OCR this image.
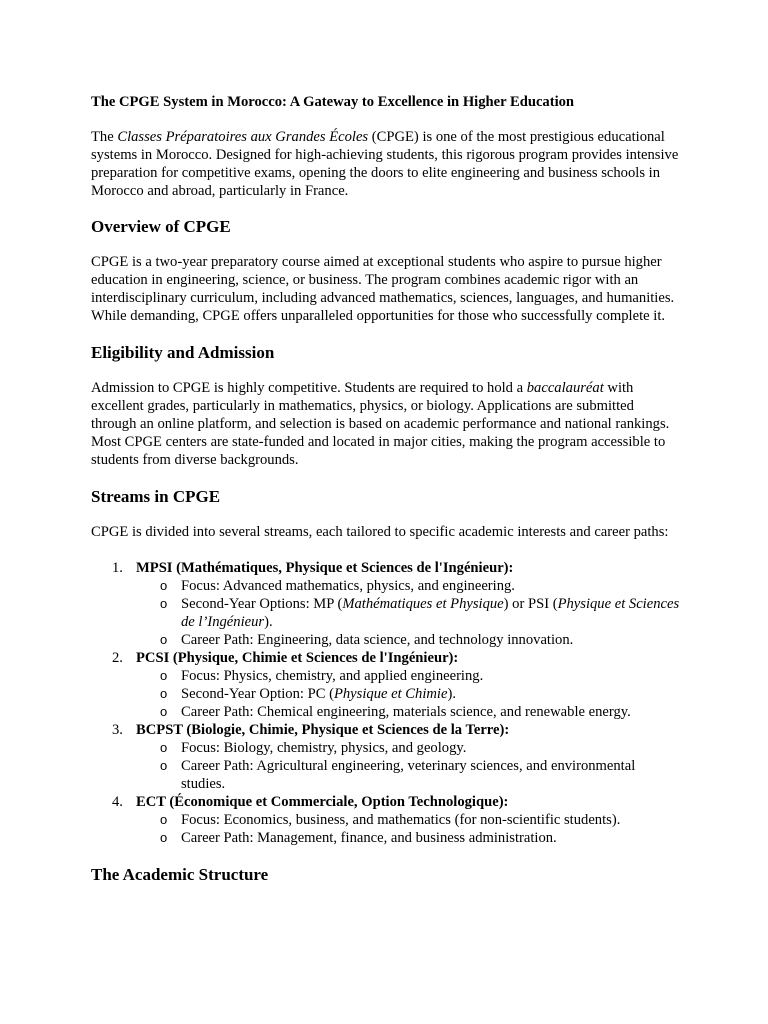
The CPGE System in Morocco: A Gateway to Excellence in Higher Education

The Classes Préparatoires aux Grandes Écoles (CPGE) is one of the most prestigious educational systems in Morocco. Designed for high-achieving students, this rigorous program provides intensive preparation for competitive exams, opening the doors to elite engineering and business schools in Morocco and abroad, particularly in France.

Overview of CPGE

CPGE is a two-year preparatory course aimed at exceptional students who aspire to pursue higher education in engineering, science, or business. The program combines academic rigor with an interdisciplinary curriculum, including advanced mathematics, sciences, languages, and humanities. While demanding, CPGE offers unparalleled opportunities for those who successfully complete it.

Eligibility and Admission

Admission to CPGE is highly competitive. Students are required to hold a baccalauréat with excellent grades, particularly in mathematics, physics, or biology. Applications are submitted through an online platform, and selection is based on academic performance and national rankings. Most CPGE centers are state-funded and located in major cities, making the program accessible to students from diverse backgrounds.

Streams in CPGE

CPGE is divided into several streams, each tailored to specific academic interests and career paths:

1. MPSI (Mathématiques, Physique et Sciences de l'Ingénieur):
o Focus: Advanced mathematics, physics, and engineering.
o Second-Year Options: MP (Mathématiques et Physique) or PSI (Physique et Sciences de l’Ingénieur).
o Career Path: Engineering, data science, and technology innovation.
2. PCSI (Physique, Chimie et Sciences de l'Ingénieur):
o Focus: Physics, chemistry, and applied engineering.
o Second-Year Option: PC (Physique et Chimie).
o Career Path: Chemical engineering, materials science, and renewable energy.
3. BCPST (Biologie, Chimie, Physique et Sciences de la Terre):
o Focus: Biology, chemistry, physics, and geology.
o Career Path: Agricultural engineering, veterinary sciences, and environmental studies.
4. ECT (Économique et Commerciale, Option Technologique):
o Focus: Economics, business, and mathematics (for non-scientific students).
o Career Path: Management, finance, and business administration.
The Academic Structure
